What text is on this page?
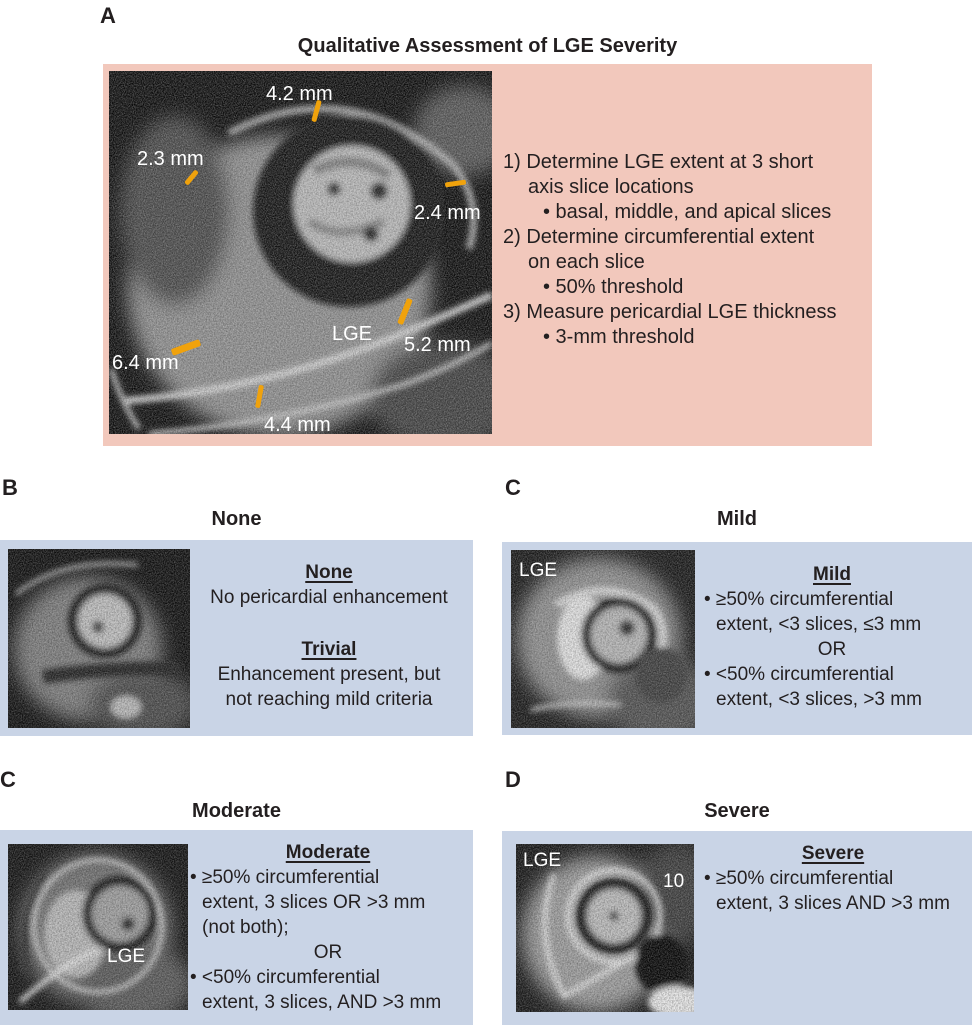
A
Qualitative Assessment of LGE Severity
4.2 mm
2.3 mm
2.4 mm
6.4 mm
5.2 mm
4.4 mm
LGE
1) Determine LGE extent at 3 short
axis slice locations
• basal, middle, and apical slices
2) Determine circumferential extent
on each slice
• 50% threshold
3) Measure pericardial LGE thickness
• 3-mm threshold
B
None
None
No pericardial enhancement
Trivial
Enhancement present, but
not reaching mild criteria
C
Mild
LGE	Mild
• ≥50% circumferential
extent, <3 slices, ≤3 mm
OR
• <50% circumferential
extent, <3 slices, >3 mm
C
Moderate
LGE
Moderate
• ≥50% circumferential
extent, 3 slices OR >3 mm
(not both);
OR
• <50% circumferential
extent, 3 slices, AND >3 mm
D
Severe
LGE
10
Severe
• ≥50% circumferential
extent, 3 slices AND >3 mm
